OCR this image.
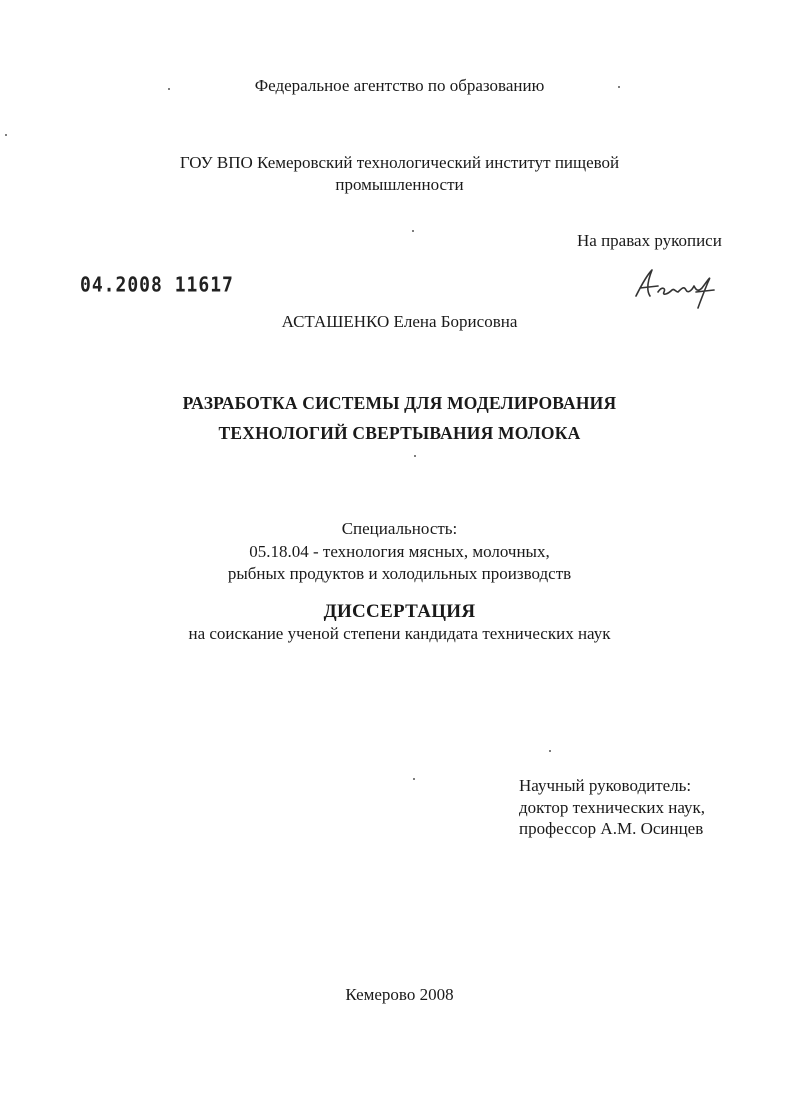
Федеральное агентство по образованию
ГОУ ВПО Кемеровский технологический институт пищевой
промышленности
На правах рукописи
04.2008 11617
АСТАШЕНКО Елена Борисовна
РАЗРАБОТКА СИСТЕМЫ ДЛЯ МОДЕЛИРОВАНИЯ
ТЕХНОЛОГИЙ СВЕРТЫВАНИЯ МОЛОКА
Специальность:
05.18.04 - технология мясных, молочных,
рыбных продуктов и холодильных производств
ДИССЕРТАЦИЯ
на соискание ученой степени кандидата технических наук
Научный руководитель:
доктор технических наук,
профессор А.М. Осинцев
Кемерово 2008
